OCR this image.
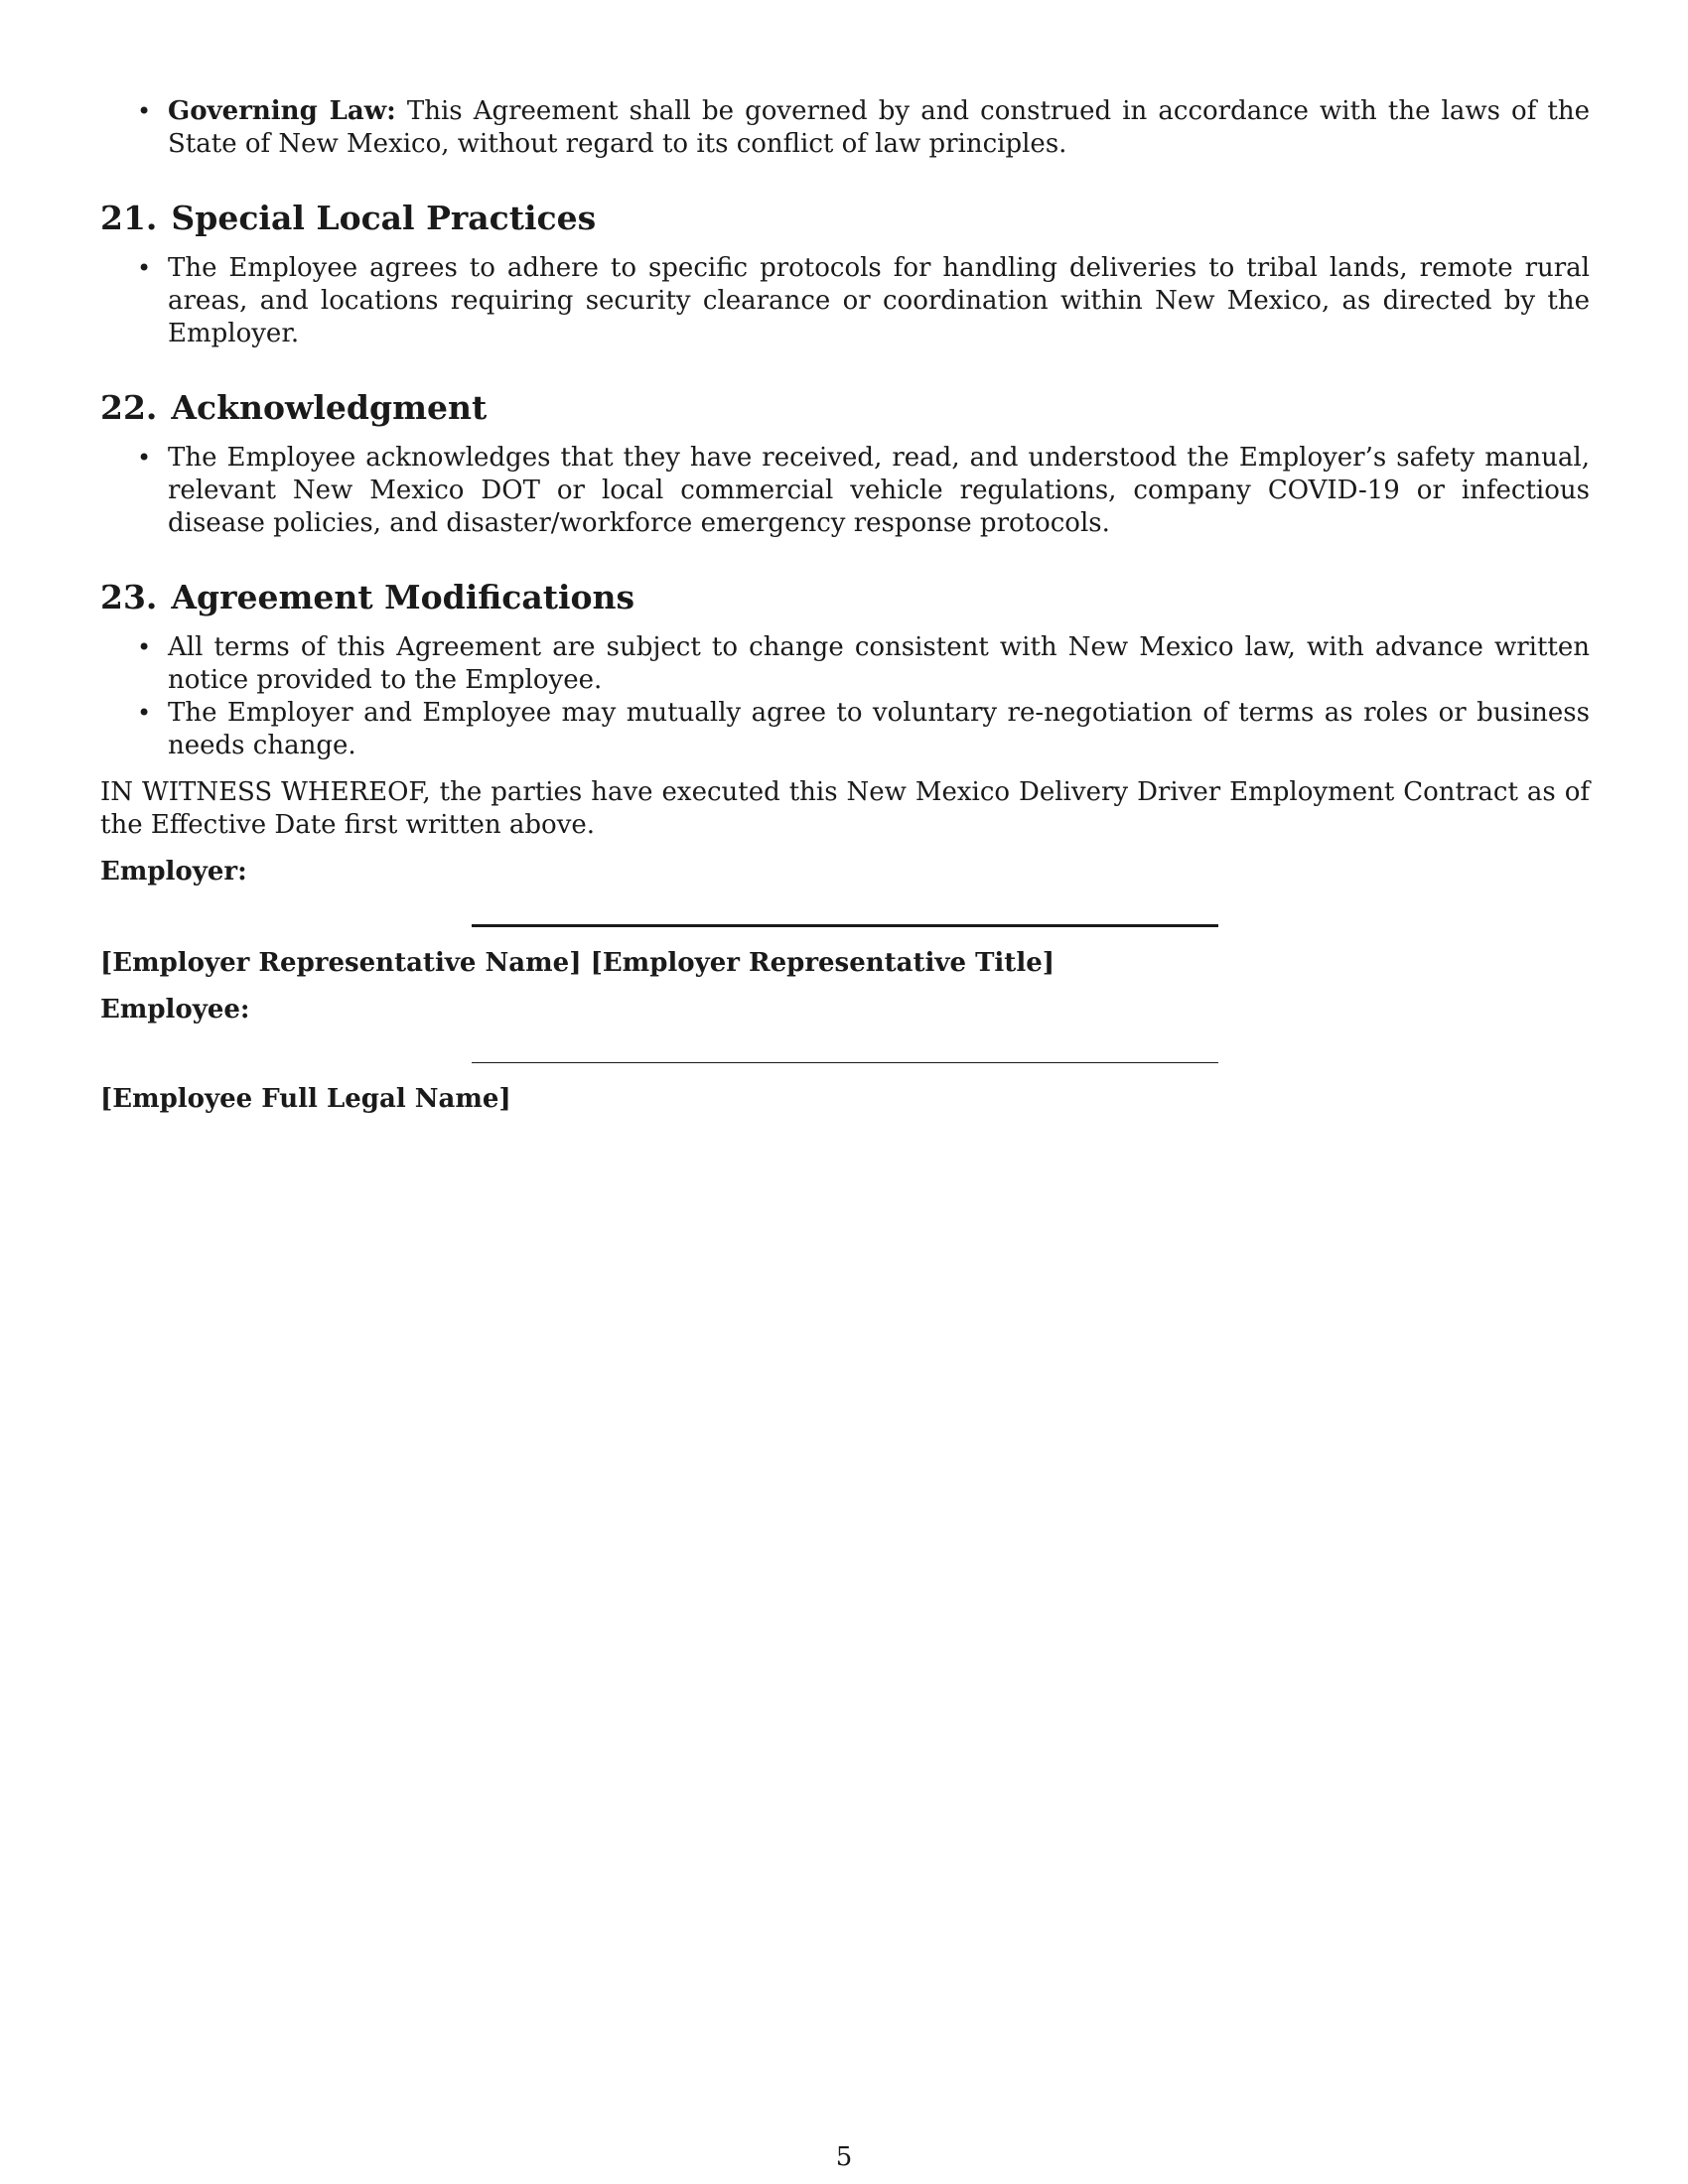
• Governing Law: This Agreement shall be governed by and construed in accordance with the laws of the State of New Mexico, without regard to its conflict of law principles.
21. Special Local Practices
• The Employee agrees to adhere to specific protocols for handling deliveries to tribal lands, remote rural areas, and locations requiring security clearance or coordination within New Mexico, as directed by the Employer.
22. Acknowledgment
• The Employee acknowledges that they have received, read, and understood the Employer’s safety manual, relevant New Mexico DOT or local commercial vehicle regulations, company COVID-19 or infectious disease policies, and disaster/workforce emergency response protocols.
23. Agreement Modifications
• All terms of this Agreement are subject to change consistent with New Mexico law, with advance written notice provided to the Employee.
• The Employer and Employee may mutually agree to voluntary re-negotiation of terms as roles or business needs change.

IN WITNESS WHEREOF, the parties have executed this New Mexico Delivery Driver Employment Contract as of the Effective Date first written above.

Employer:
[Employer Representative Name] [Employer Representative Title]
Employee:
[Employee Full Legal Name]
5
